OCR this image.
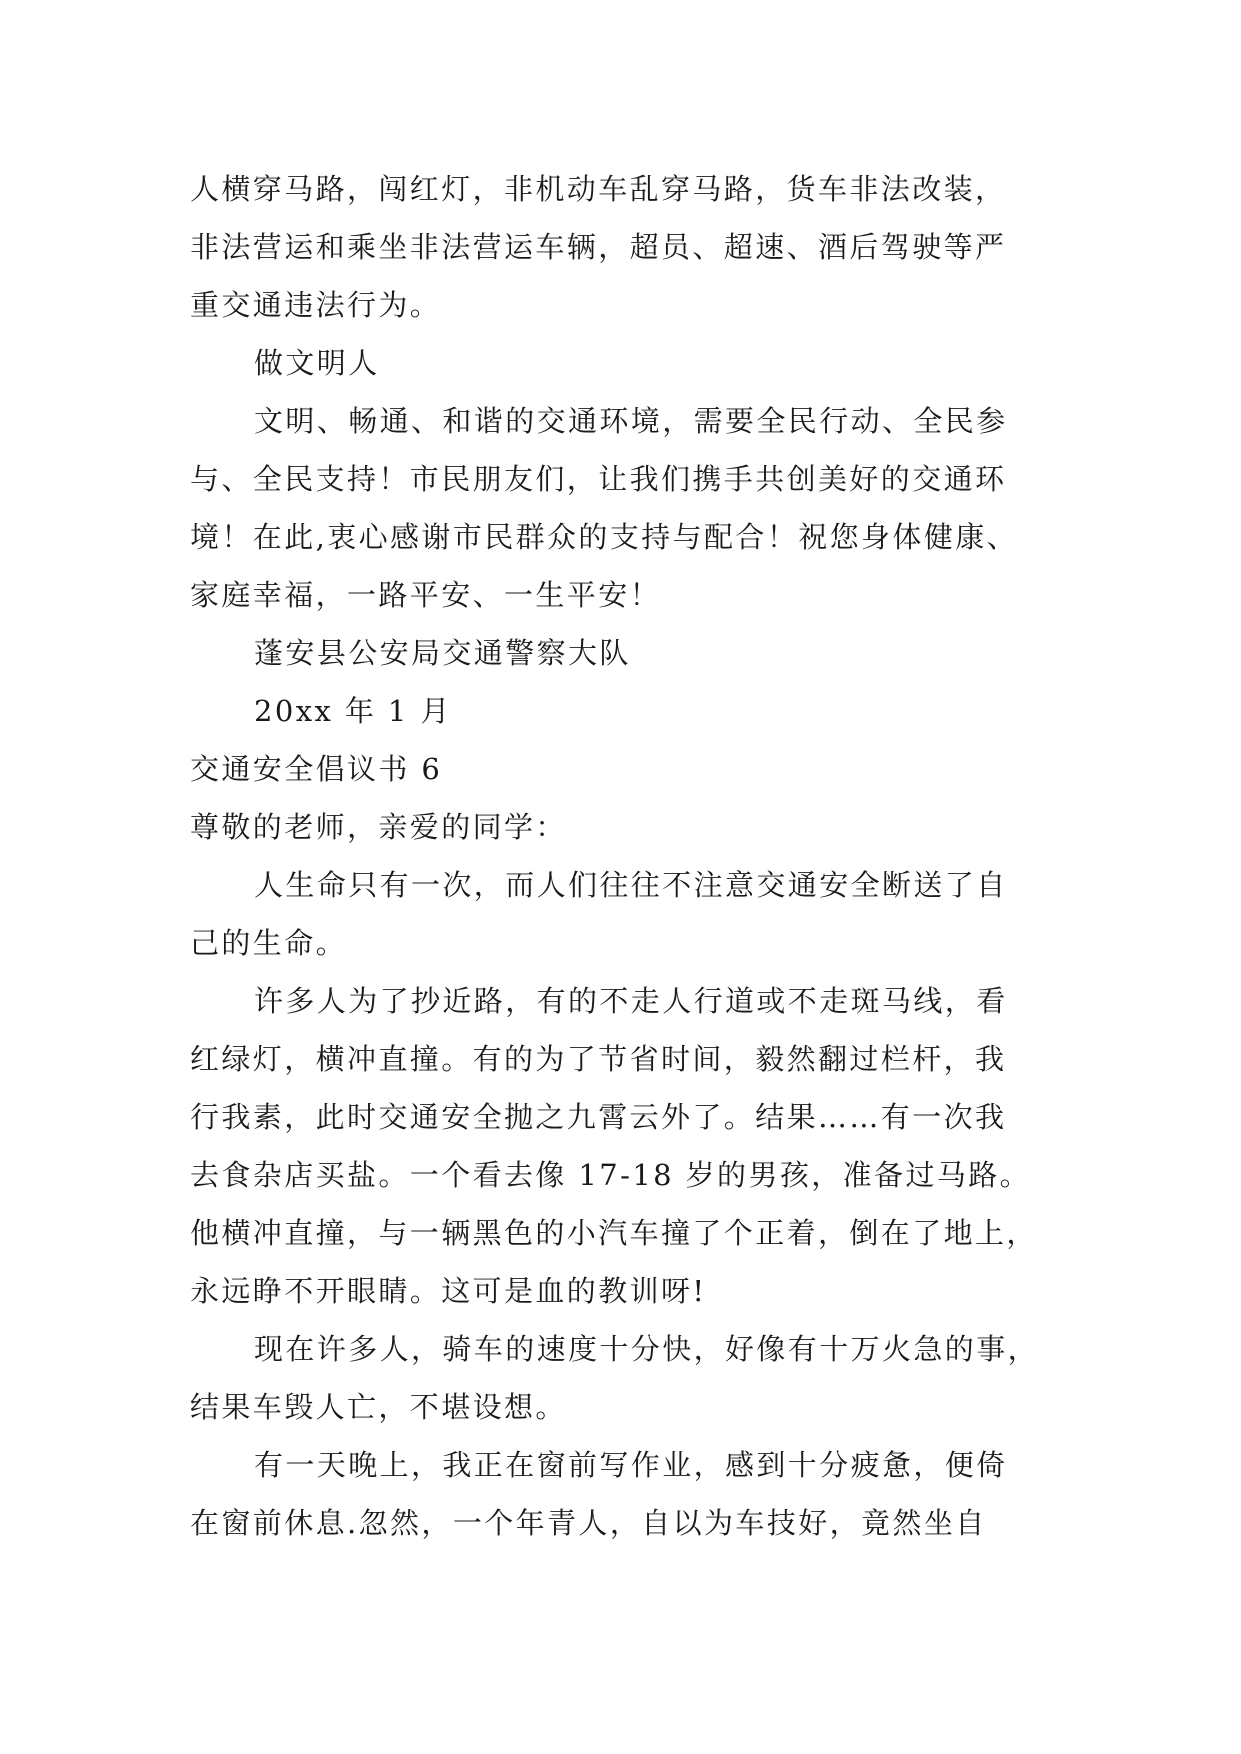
人横穿马路，闯红灯，非机动车乱穿马路，货车非法改装，
非法营运和乘坐非法营运车辆，超员、超速、酒后驾驶等严
重交通违法行为。
做文明人
文明、畅通、和谐的交通环境，需要全民行动、全民参
与、全民支持！市民朋友们，让我们携手共创美好的交通环
境！在此,衷心感谢市民群众的支持与配合！祝您身体健康、
家庭幸福，一路平安、一生平安！
蓬安县公安局交通警察大队
20xx 年 1 月
交通安全倡议书 6
尊敬的老师，亲爱的同学：
人生命只有一次，而人们往往不注意交通安全断送了自
己的生命。
许多人为了抄近路，有的不走人行道或不走斑马线，看
红绿灯，横冲直撞。有的为了节省时间，毅然翻过栏杆，我
行我素，此时交通安全抛之九霄云外了。结果……有一次我
去食杂店买盐。一个看去像 17-18 岁的男孩，准备过马路。
他横冲直撞，与一辆黑色的小汽车撞了个正着，倒在了地上，
永远睁不开眼睛。这可是血的教训呀!
现在许多人，骑车的速度十分快，好像有十万火急的事，
结果车毁人亡，不堪设想。
有一天晚上，我正在窗前写作业，感到十分疲惫，便倚
在窗前休息.忽然，一个年青人，自以为车技好，竟然坐自
